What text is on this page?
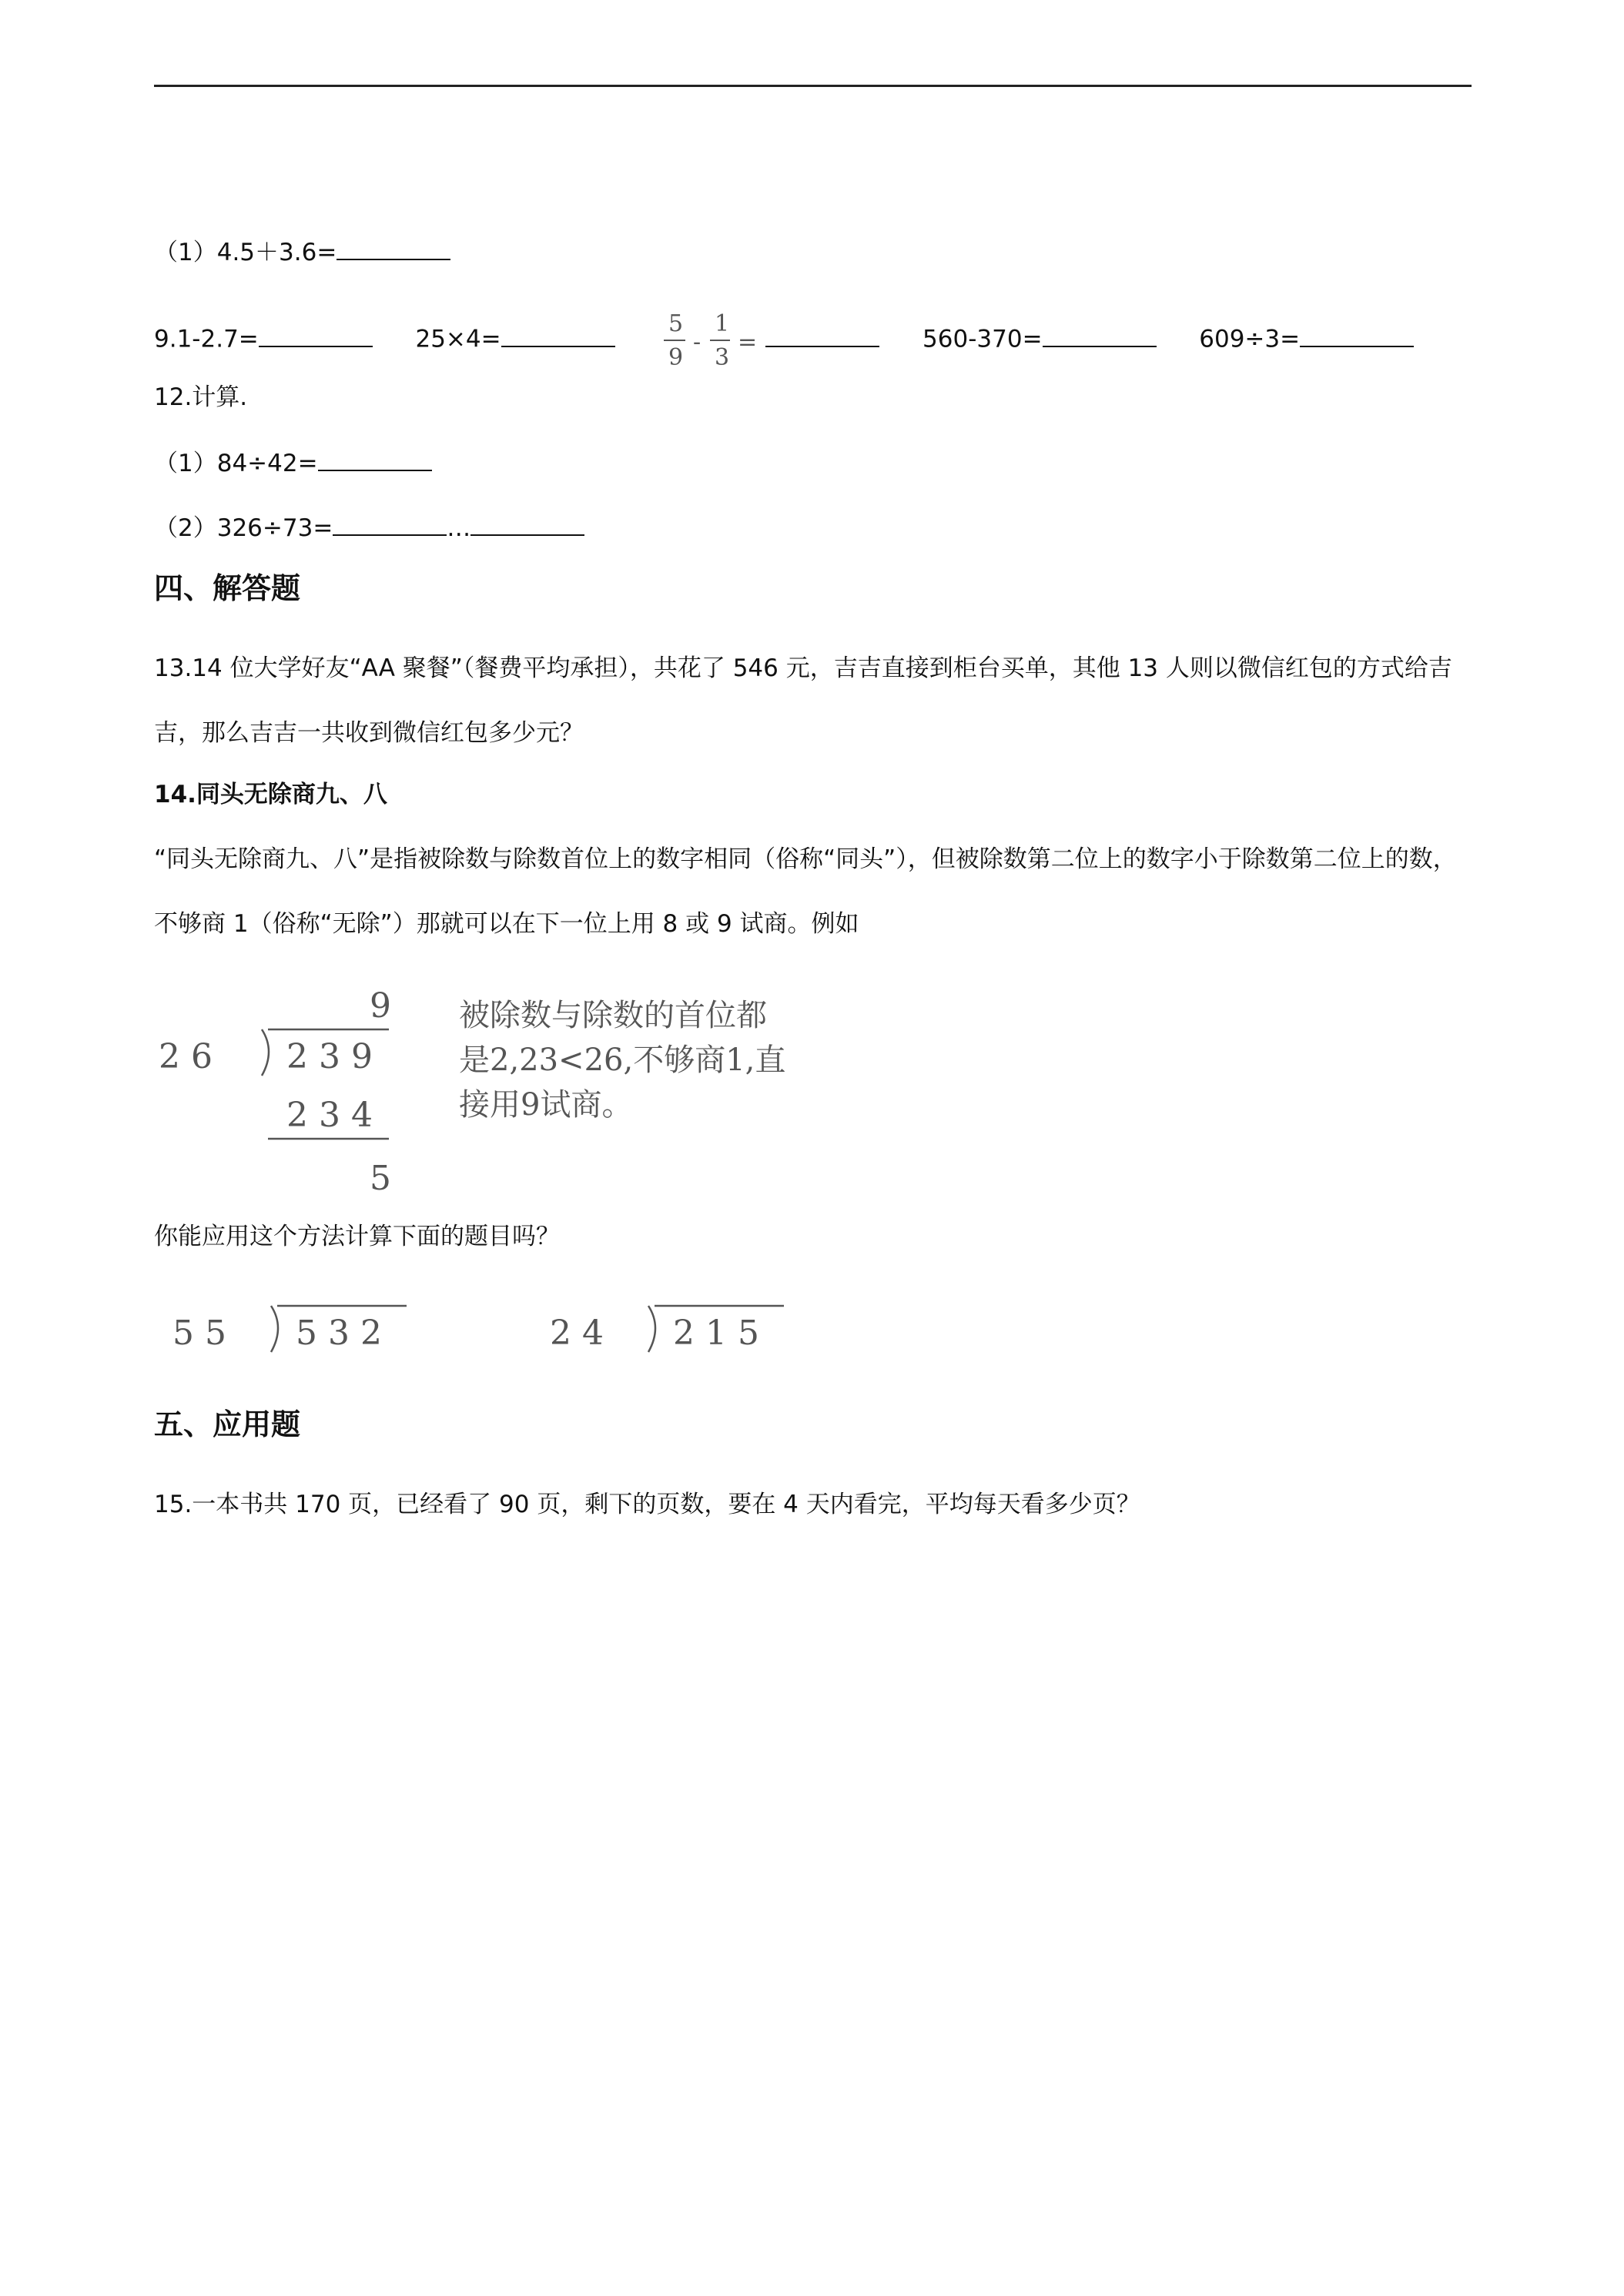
（1）4.5＋3.6=
9.1-2.7=	25×4=
5
9
-
1
3
=	560-370=	609÷3=
12.计算.
（1）84÷42=
（2）326÷73=	…
四、解答题
13.14 位大学好友“AA 聚餐”（餐费平均承担），共花了 546 元，吉吉直接到柜台买单，其他 13 人则以微信红包的方式给吉吉，那么吉吉一共收到微信红包多少元？
14.同头无除商九、八
“同头无除商九、八”是指被除数与除数首位上的数字相同（俗称“同头”），但被除数第二位上的数字小于除数第二位上的数，不够商 1（俗称“无除”）那就可以在下一位上用 8 或 9 试商。例如
9
2 6 2 3 9
2 3 4
5
被除数与除数的首位都
是2,23<26,不够商1,直
接用9试商。
你能应用这个方法计算下面的题目吗？
5 5 5 3 2	2 4 2 1 5
五、应用题
15.一本书共 170 页，已经看了 90 页，剩下的页数，要在 4 天内看完，平均每天看多少页？
